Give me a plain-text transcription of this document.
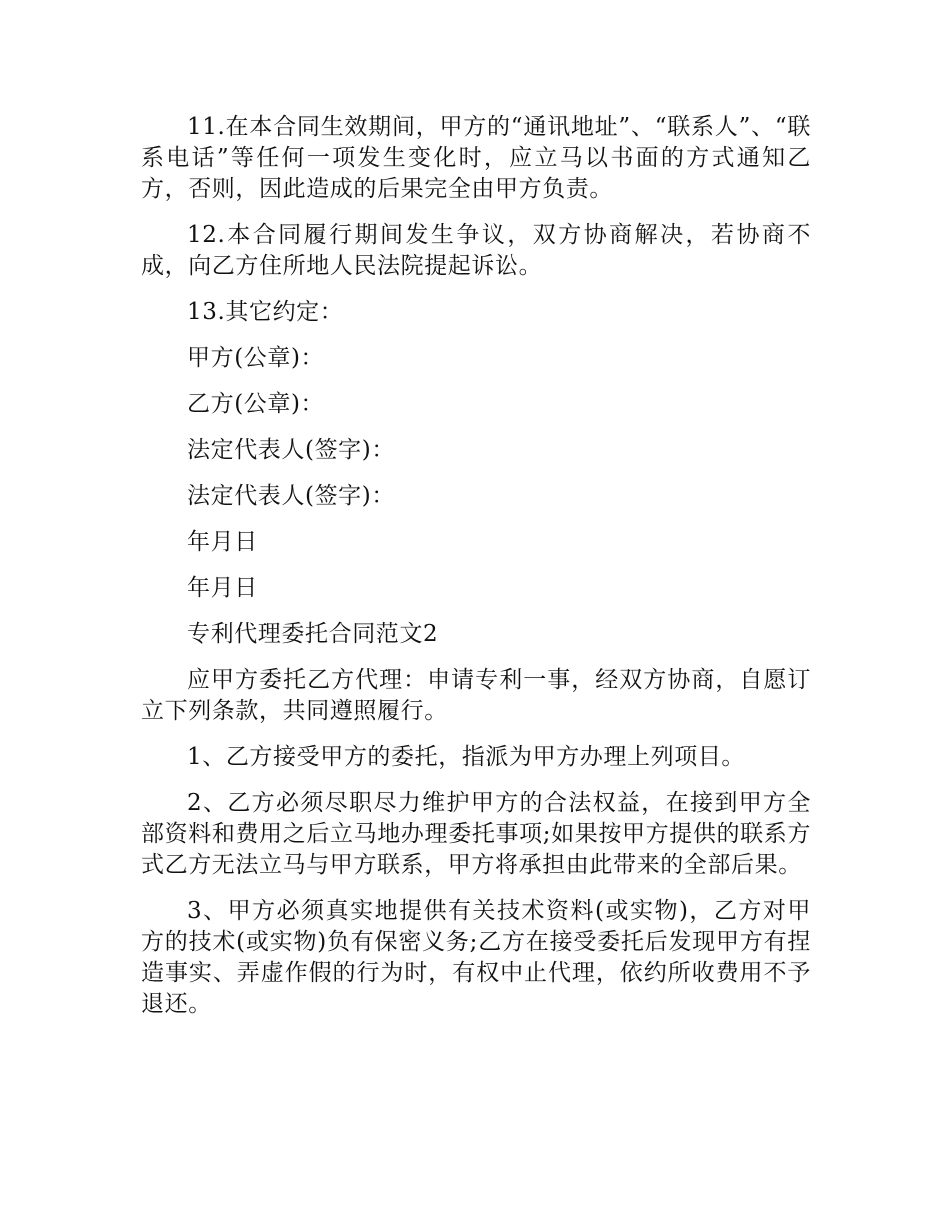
11.在本合同生效期间，甲方的“通讯地址”、“联系人”、“联系电话”等任何一项发生变化时，应立马以书面的方式通知乙方，否则，因此造成的后果完全由甲方负责。

12.本合同履行期间发生争议，双方协商解决，若协商不成，向乙方住所地人民法院提起诉讼。

13.其它约定：

甲方(公章)：

乙方(公章)：

法定代表人(签字)：

法定代表人(签字)：

年月日

年月日

专利代理委托合同范文2

应甲方委托乙方代理：申请专利一事，经双方协商，自愿订立下列条款，共同遵照履行。

1、乙方接受甲方的委托，指派为甲方办理上列项目。

2、乙方必须尽职尽力维护甲方的合法权益，在接到甲方全部资料和费用之后立马地办理委托事项;如果按甲方提供的联系方式乙方无法立马与甲方联系，甲方将承担由此带来的全部后果。

3、甲方必须真实地提供有关技术资料(或实物)，乙方对甲方的技术(或实物)负有保密义务;乙方在接受委托后发现甲方有捏造事实、弄虚作假的行为时，有权中止代理，依约所收费用不予退还。
